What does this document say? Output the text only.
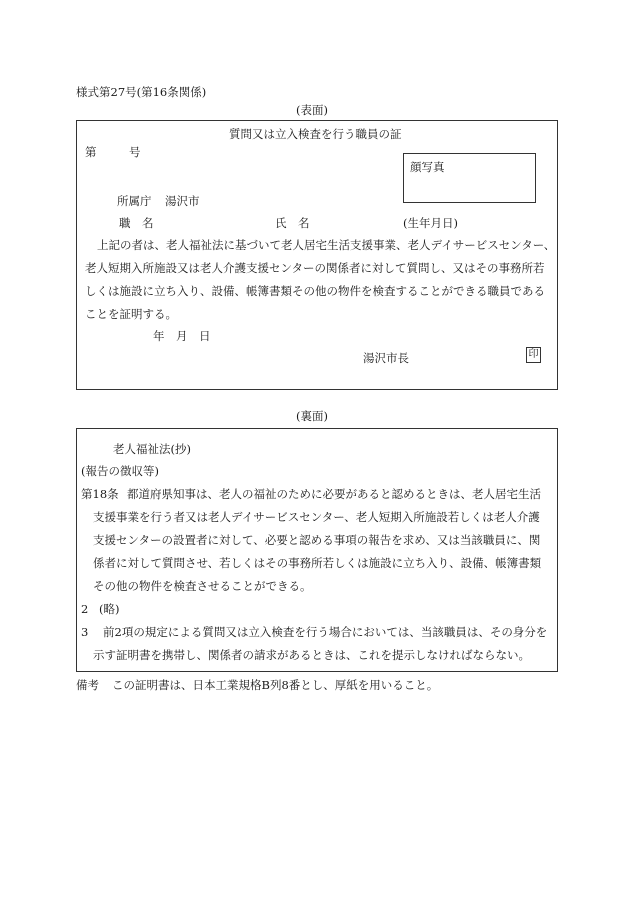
様式第27号(第16条関係)
(表面)
質問又は立入検査を行う職員の証
第	号
顔写真
所属庁 湯沢市
職　名	氏　名	(生年月日)
上記の者は、老人福祉法に基づいて老人居宅生活支援事業、老人デイサービスセンター、
老人短期入所施設又は老人介護支援センターの関係者に対して質問し、又はその事務所若
しくは施設に立ち入り、設備、帳簿書類その他の物件を検査することができる職員である
ことを証明する。
年　月　日
湯沢市長	印
(裏面)
老人福祉法(抄)
(報告の徴収等)
第18条 都道府県知事は、老人の福祉のために必要があると認めるときは、老人居宅生活
支援事業を行う者又は老人デイサービスセンター、老人短期入所施設若しくは老人介護
支援センターの設置者に対して、必要と認める事項の報告を求め、又は当該職員に、関
係者に対して質問させ、若しくはその事務所若しくは施設に立ち入り、設備、帳簿書類
その他の物件を検査させることができる。
2 (略)
3 前2項の規定による質問又は立入検査を行う場合においては、当該職員は、その身分を
示す証明書を携帯し、関係者の請求があるときは、これを提示しなければならない。
備考 この証明書は、日本工業規格B列8番とし、厚紙を用いること。
